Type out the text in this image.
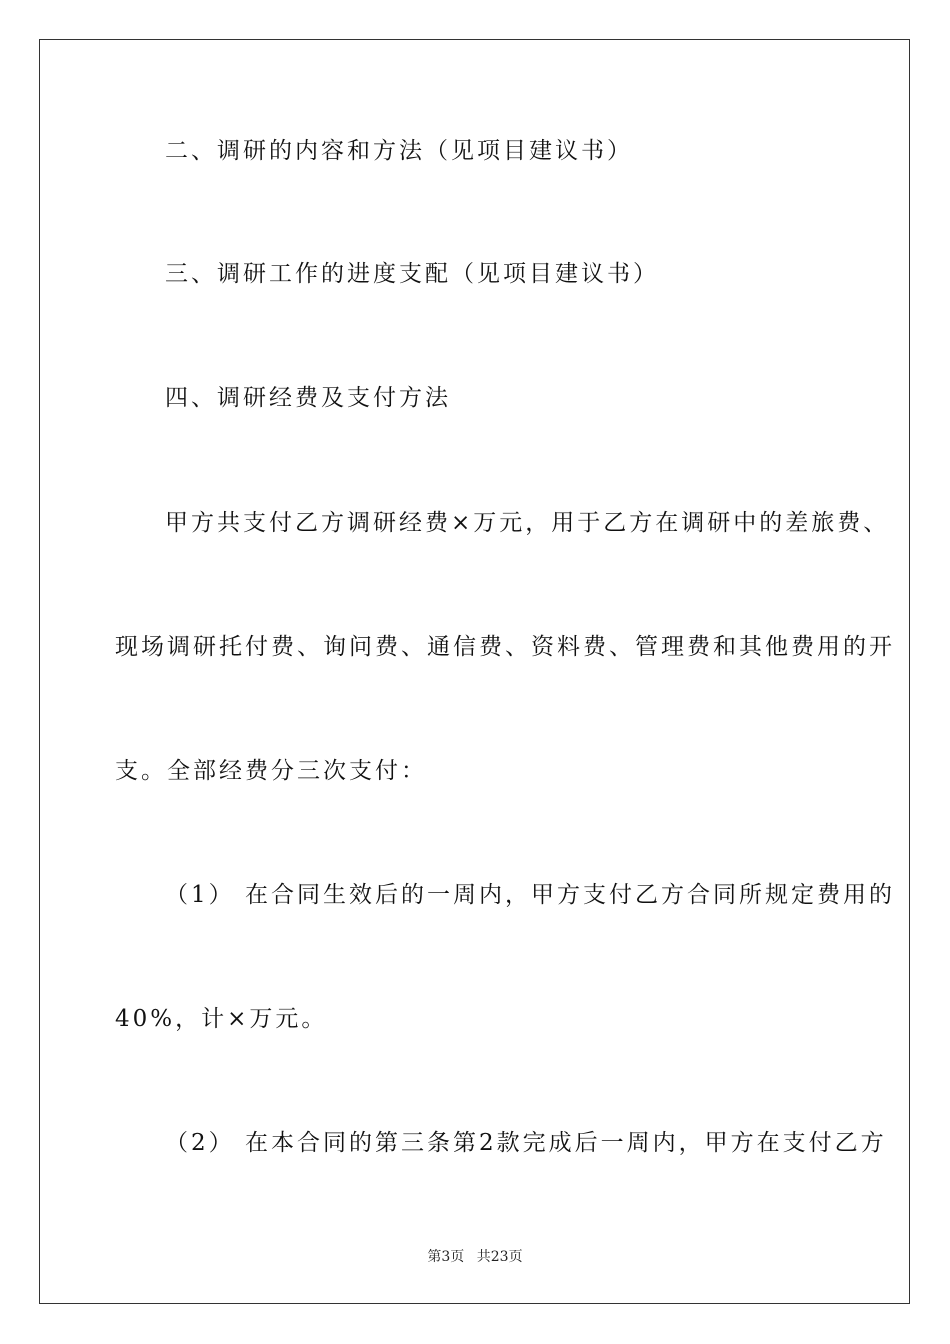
二、调研的内容和方法（见项目建议书）
三、调研工作的进度支配（见项目建议书）
四、调研经费及支付方法
甲方共支付乙方调研经费×万元，用于乙方在调研中的差旅费、
现场调研托付费、询问费、通信费、资料费、管理费和其他费用的开
支。全部经费分三次支付：
（1） 在合同生效后的一周内，甲方支付乙方合同所规定费用的
40%，计×万元。
（2） 在本合同的第三条第2款完成后一周内，甲方在支付乙方
第3页 共23页
